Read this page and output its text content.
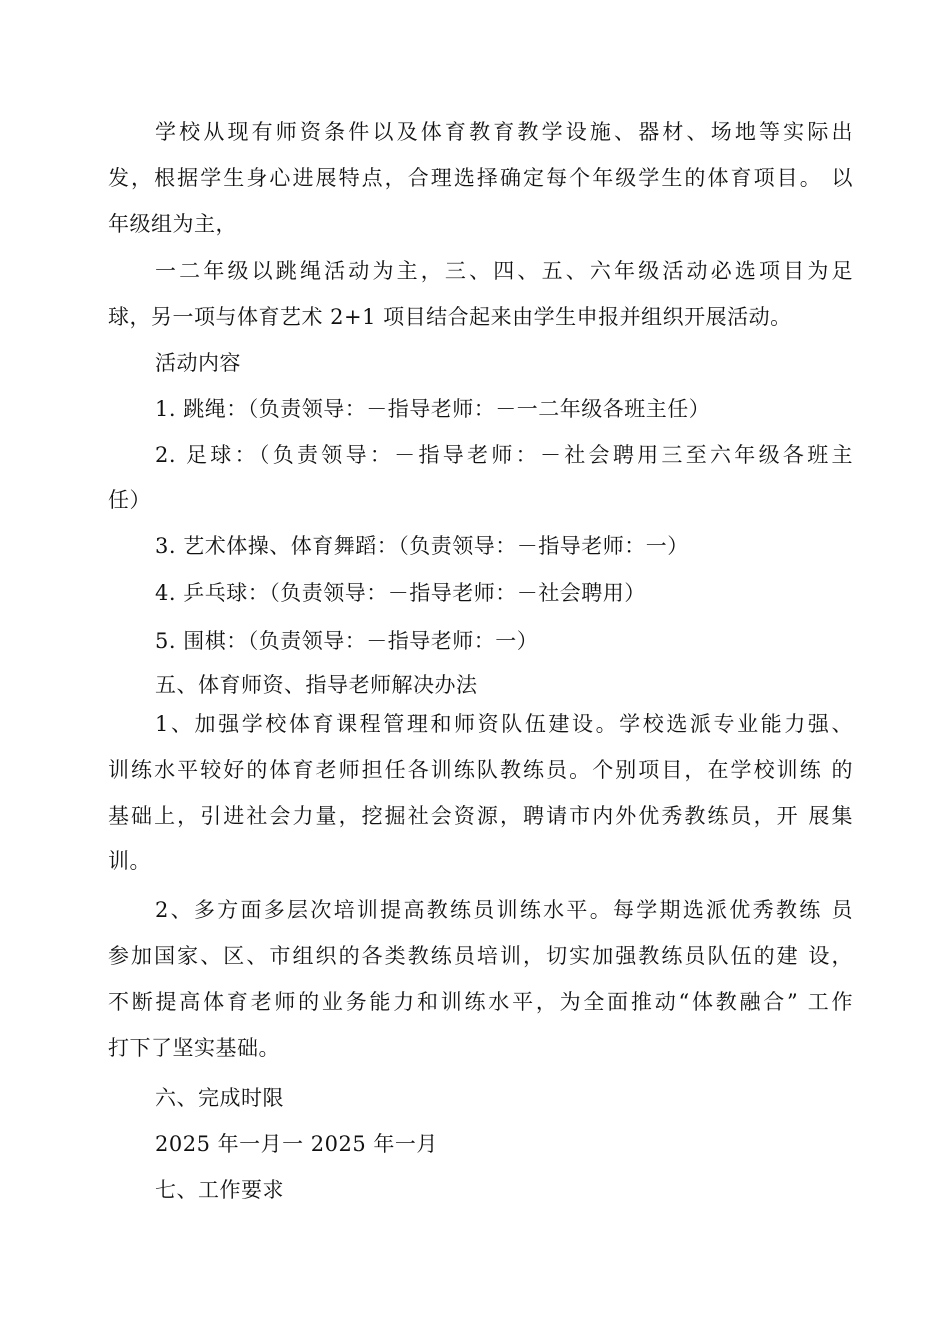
学校从现有师资条件以及体育教育教学设施、器材、场地等实际出
发，根据学生身心进展特点，合理选择确定每个年级学生的体育项目。 以
年级组为主，
一二年级以跳绳活动为主，三、四、五、六年级活动必选项目为足
球，另一项与体育艺术 2+1 项目结合起来由学生申报并组织开展活动。
活动内容
1. 跳绳：（负责领导：－指导老师：－一二年级各班主任）
2. 足球：（负责领导：－指导老师：－社会聘用三至六年级各班主
任）
3. 艺术体操、体育舞蹈：（负责领导：－指导老师：一）
4. 乒乓球：（负责领导：－指导老师：－社会聘用）
5. 围棋：（负责领导：－指导老师：一）
五、体育师资、指导老师解决办法
1、加强学校体育课程管理和师资队伍建设。学校选派专业能力强、
训练水平较好的体育老师担任各训练队教练员。个别项目，在学校训练 的
基础上，引进社会力量，挖掘社会资源，聘请市内外优秀教练员，开 展集
训。
2、多方面多层次培训提高教练员训练水平。每学期选派优秀教练 员
参加国家、区、市组织的各类教练员培训，切实加强教练员队伍的建 设，
不断提高体育老师的业务能力和训练水平，为全面推动“体教融合” 工作
打下了坚实基础。
六、完成时限
2025 年一月一 2025 年一月
七、工作要求
